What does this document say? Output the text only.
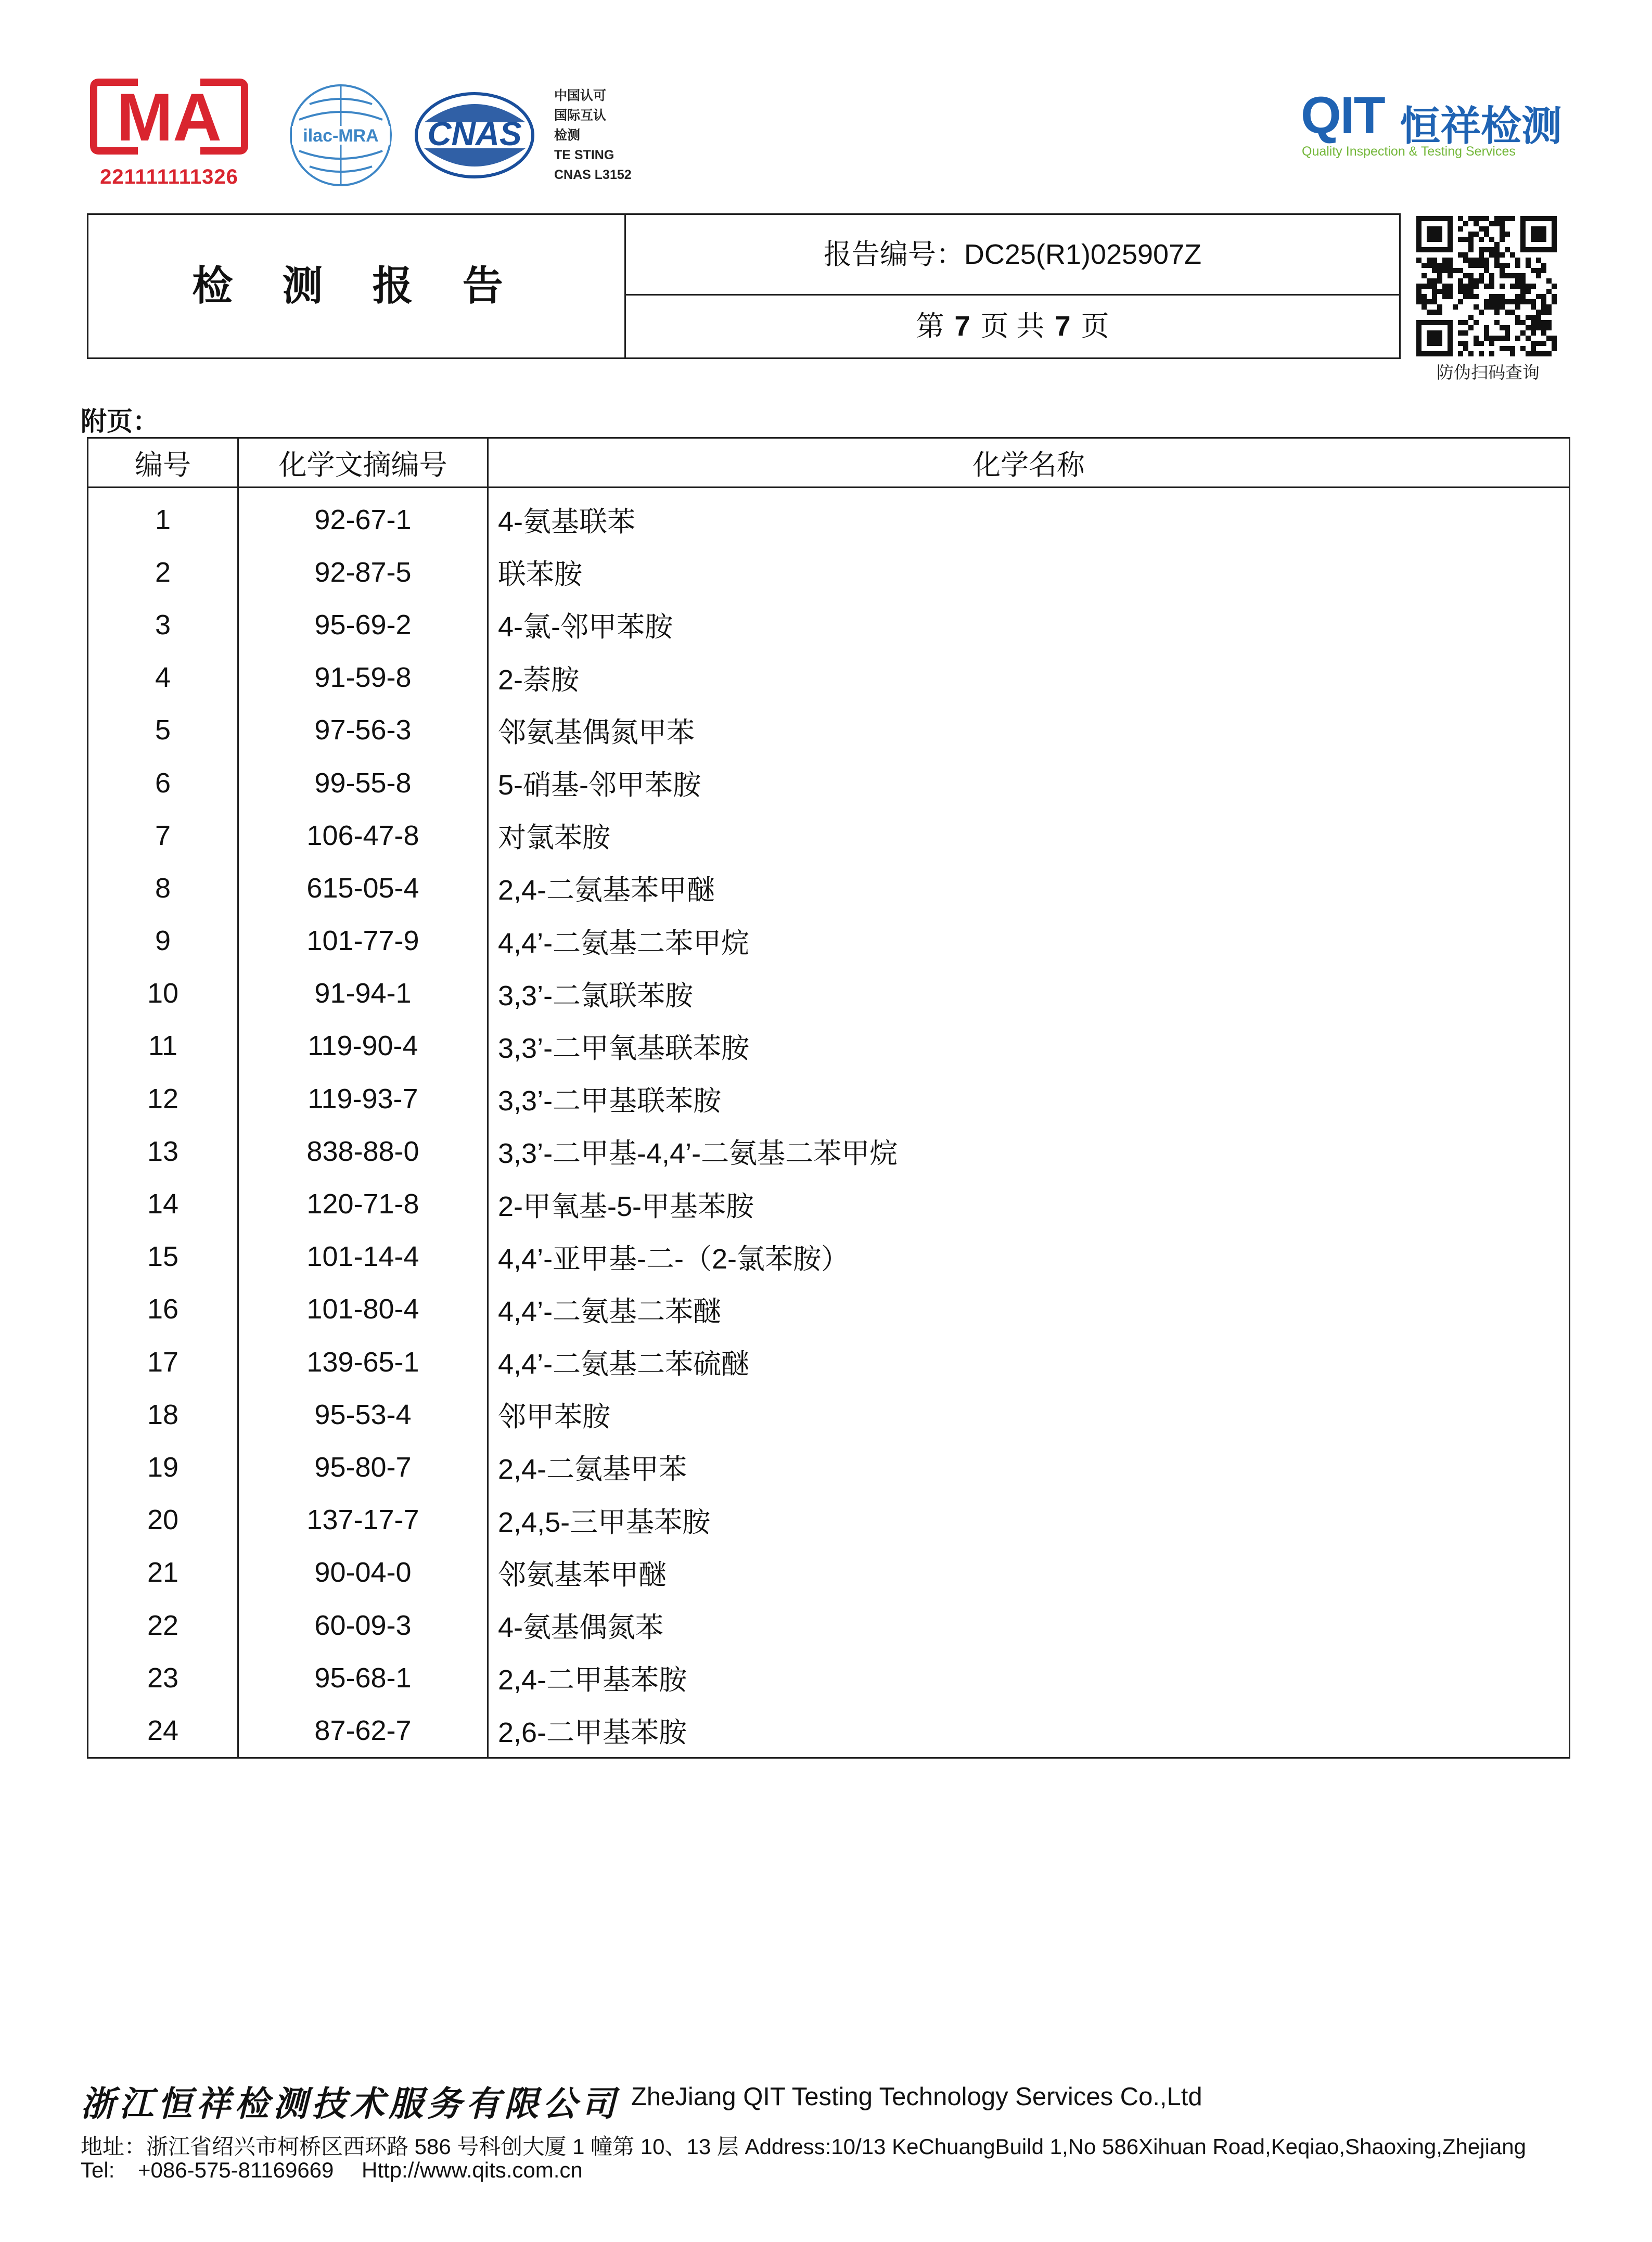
MA
221111111326
ilac-MRA CNAS
中国认可
国际互认
检测
TE STING
CNAS L3152
QIT 恒祥检测
Quality Inspection & Testing Services
检 测 报 告
报告编号：DC25(R1)025907Z
第 7 页 共 7 页
防伪扫码查询
附页：
编号	化学文摘编号	化学名称
1	92-67-1	4-氨基联苯
2	92-87-5	联苯胺
3	95-69-2	4-氯-邻甲苯胺
4	91-59-8	2-萘胺
5	97-56-3	邻氨基偶氮甲苯
6	99-55-8	5-硝基-邻甲苯胺
7	106-47-8	对氯苯胺
8	615-05-4	2,4-二氨基苯甲醚
9	101-77-9	4,4’-二氨基二苯甲烷
10	91-94-1	3,3’-二氯联苯胺
11	119-90-4	3,3’-二甲氧基联苯胺
12	119-93-7	3,3’-二甲基联苯胺
13	838-88-0	3,3’-二甲基-4,4’-二氨基二苯甲烷
14	120-71-8	2-甲氧基-5-甲基苯胺
15	101-14-4	4,4’-亚甲基-二-（2-氯苯胺）
16	101-80-4	4,4’-二氨基二苯醚
17	139-65-1	4,4’-二氨基二苯硫醚
18	95-53-4	邻甲苯胺
19	95-80-7	2,4-二氨基甲苯
20	137-17-7	2,4,5-三甲基苯胺
21	90-04-0	邻氨基苯甲醚
22	60-09-3	4-氨基偶氮苯
23	95-68-1	2,4-二甲基苯胺
24	87-62-7	2,6-二甲基苯胺
浙江恒祥检测技术服务有限公司 ZheJiang QIT Testing Technology Services Co.,Ltd
地址：浙江省绍兴市柯桥区西环路 586 号科创大厦 1 幢第 10、13 层 Address:10/13 KeChuangBuild 1,No 586Xihuan Road,Keqiao,Shaoxing,Zhejiang
Tel: +086-575-81169669 Http://www.qits.com.cn
